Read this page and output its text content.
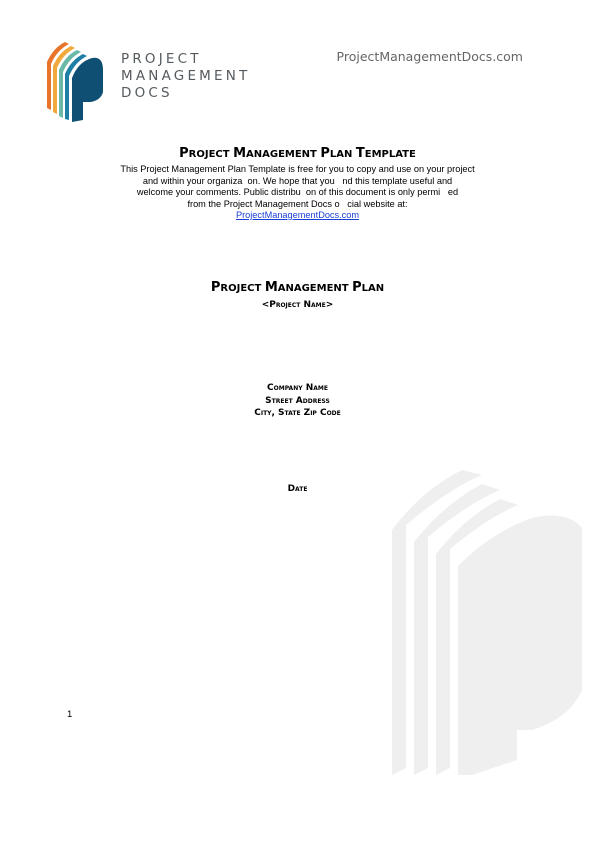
PROJECT
MANAGEMENT
DOCS
ProjectManagementDocs.com
PROJECT MANAGEMENT PLAN TEMPLATE
This Project Management Plan Template is free for you to copy and use on your project
and within your organiza  on. We hope that you   nd this template useful and
welcome your comments. Public distribu  on of this document is only permi   ed
from the Project Management Docs o   cial website at:
ProjectManagementDocs.com
PROJECT MANAGEMENT PLAN
<Project Name>
Company Name
Street Address
City, State Zip Code
Date
1
